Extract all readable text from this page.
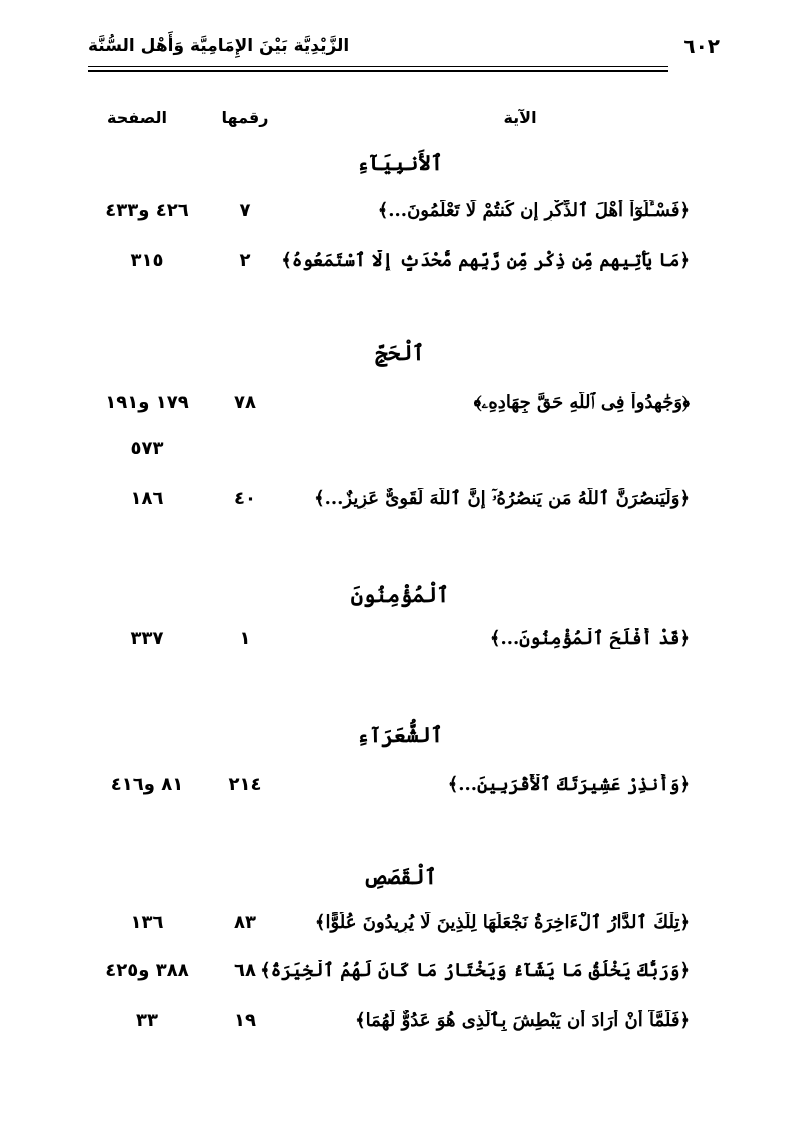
الزَّيْدِيَّة بَيْنَ الإِمَامِيَّة وَأَهْل السُّنَّة	٦٠٢
الآية
رقمها
الصفحة
ٱلأَنبِيَآءِ
﴿فَسْـَٔلُوٓاْ أَهْلَ ٱلذِّكْرِ إِن كُنتُمْ لَا تَعْلَمُونَ...﴾
٧
٤٢٦ و٤٣٣
﴿مَا يَأْتِيهِم مِّن ذِكْرٍ مِّن رَّبِّهِم مُّحْدَثٍ إِلَّا ٱسْتَمَعُوهُ﴾
٢
٣١٥
ٱلْحَجِّ
﴿وَجَٰهِدُواْ فِى ٱللَّهِ حَقَّ جِهَادِهِۦ﴾
٧٨
١٧٩ و١٩١
٥٧٣
﴿وَلَيَنصُرَنَّ ٱللَّهُ مَن يَنصُرُهُۥٓ إِنَّ ٱللَّهَ لَقَوِىٌّ عَزِيزٌ...﴾
٤٠
١٨٦
ٱلْمُؤْمِنُونَ
﴿قَدْ أَفْلَحَ ٱلْمُؤْمِنُونَ...﴾
١
٣٣٧
ٱلشُّعَرَآءِ
﴿وَأَنذِرْ عَشِيرَتَكَ ٱلْأَقْرَبِينَ...﴾
٢١٤
٨١ و٤١٦
ٱلْقَصَصِ
﴿تِلْكَ ٱلدَّارُ ٱلْءَاخِرَةُ نَجْعَلُهَا لِلَّذِينَ لَا يُرِيدُونَ عُلُوًّا﴾
٨٣
١٣٦
﴿وَرَبُّكَ يَخْلُقُ مَا يَشَآءُ وَيَخْتَارُ مَا كَانَ لَهُمُ ٱلْخِيَرَةُ﴾
٦٨
٣٨٨ و٤٢٥
﴿فَلَمَّآ أَنْ أَرَادَ أَن يَبْطِشَ بِٱلَّذِى هُوَ عَدُوٌّ لَّهُمَا﴾
١٩
٣٣
